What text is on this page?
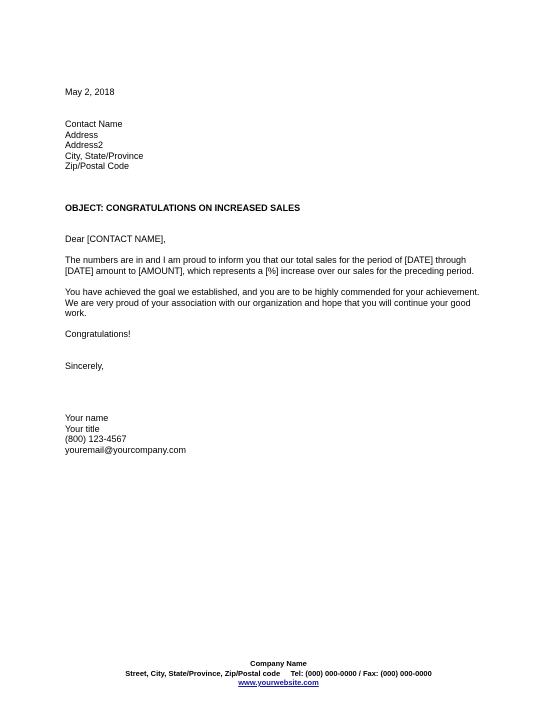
May 2, 2018
Contact Name
Address
Address2
City, State/Province
Zip/Postal Code
OBJECT: CONGRATULATIONS ON INCREASED SALES
Dear [CONTACT NAME],
The numbers are in and I am proud to inform you that our total sales for the period of [DATE] through
[DATE] amount to [AMOUNT], which represents a [%] increase over our sales for the preceding period.
You have achieved the goal we established, and you are to be highly commended for your achievement.
We are very proud of your association with our organization and hope that you will continue your good
work.
Congratulations!
Sincerely,
Your name
Your title
(800) 123-4567
youremail@yourcompany.com
Company Name
Street, City, State/Province, Zip/Postal code Tel: (000) 000-0000 / Fax: (000) 000-0000
www.yourwebsite.com
